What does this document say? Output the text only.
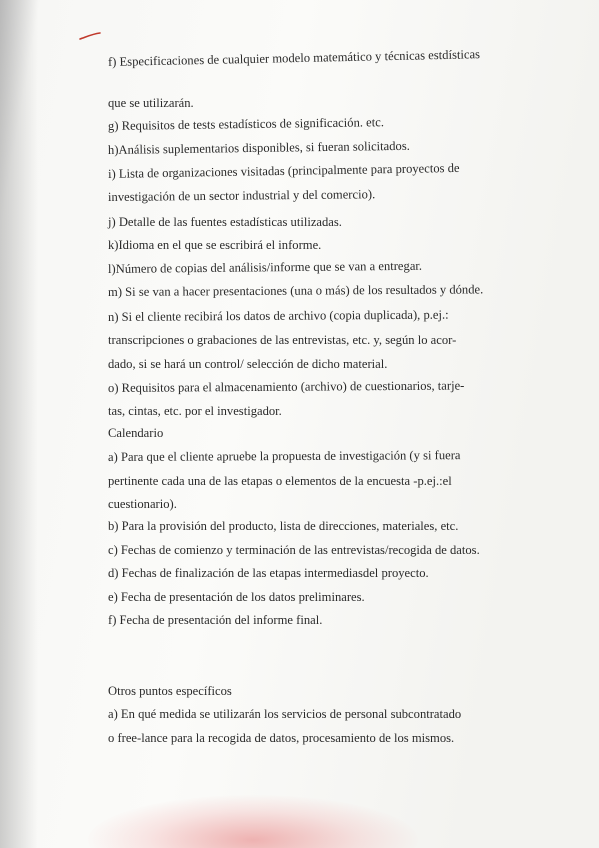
f) Especificaciones de cualquier modelo matemático y técnicas estdísticas
que se utilizarán.
g) Requisitos de tests estadísticos de significación. etc.
h)Análisis suplementarios disponibles, si fueran solicitados.
i) Lista de organizaciones visitadas (principalmente para proyectos de
investigación de un sector industrial y del comercio).
j) Detalle de las fuentes estadísticas utilizadas.
k)Idioma en el que se escribirá el informe.
l)Número de copias del análisis/informe que se van a entregar.
m) Si se van a hacer presentaciones (una o más) de los resultados y dónde.
n) Si el cliente recibirá los datos de archivo (copia duplicada), p.ej.:
transcripciones o grabaciones de las entrevistas, etc. y, según lo acor-
dado, si se hará un control/ selección de dicho material.
o) Requisitos para el almacenamiento (archivo) de cuestionarios, tarje-
tas, cintas, etc. por el investigador.
Calendario
a) Para que el cliente apruebe la propuesta de investigación (y si fuera
pertinente cada una de las etapas o elementos de la encuesta -p.ej.:el
cuestionario).
b) Para la provisión del producto, lista de direcciones, materiales, etc.
c) Fechas de comienzo y terminación de las entrevistas/recogida de datos.
d) Fechas de finalización de las etapas intermediasdel proyecto.
e) Fecha de presentación de los datos preliminares.
f) Fecha de presentación del informe final.
Otros puntos específicos
a) En qué medida se utilizarán los servicios de personal subcontratado
o free-lance para la recogida de datos, procesamiento de los mismos.
